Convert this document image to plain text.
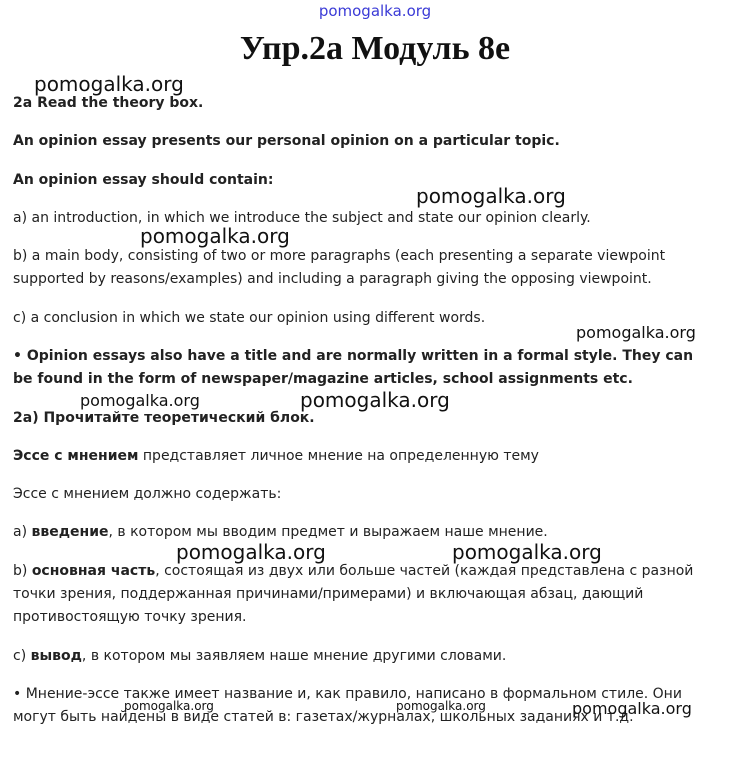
pomogalka.org
Упр.2а Модуль 8е
2a Read the theory box.
An opinion essay presents our personal opinion on a particular topic.
An opinion essay should contain:
a) an introduction, in which we introduce the subject and state our opinion clearly.
b) a main body, consisting of two or more paragraphs (each presenting a separate viewpoint supported by reasons/examples) and including a paragraph giving the opposing viewpoint.
c) a conclusion in which we state our opinion using different words.
• Opinion essays also have a title and are normally written in a formal style. They can be found in the form of newspaper/magazine articles, school assignments etc.
2а) Прочитайте теоретический блок.
Эссе с мнением представляет личное мнение на определенную тему
Эссе с мнением должно содержать:
а) введение, в котором мы вводим предмет и выражаем наше мнение.
b) основная часть, состоящая из двух или больше частей (каждая представлена с разной точки зрения, поддержанная причинами/примерами) и включающая абзац, дающий противостоящую точку зрения.
с) вывод, в котором мы заявляем наше мнение другими словами.
• Мнение-эссе также имеет название и, как правило, написано в формальном стиле. Они могут быть найдены в виде статей в: газетах/журналах, школьных заданиях и т.д.
pomogalka.org
pomogalka.org
pomogalka.org
pomogalka.org
pomogalka.org	pomogalka.org
pomogalka.org	pomogalka.org
pomogalka.org	pomogalka.org	pomogalka.org
